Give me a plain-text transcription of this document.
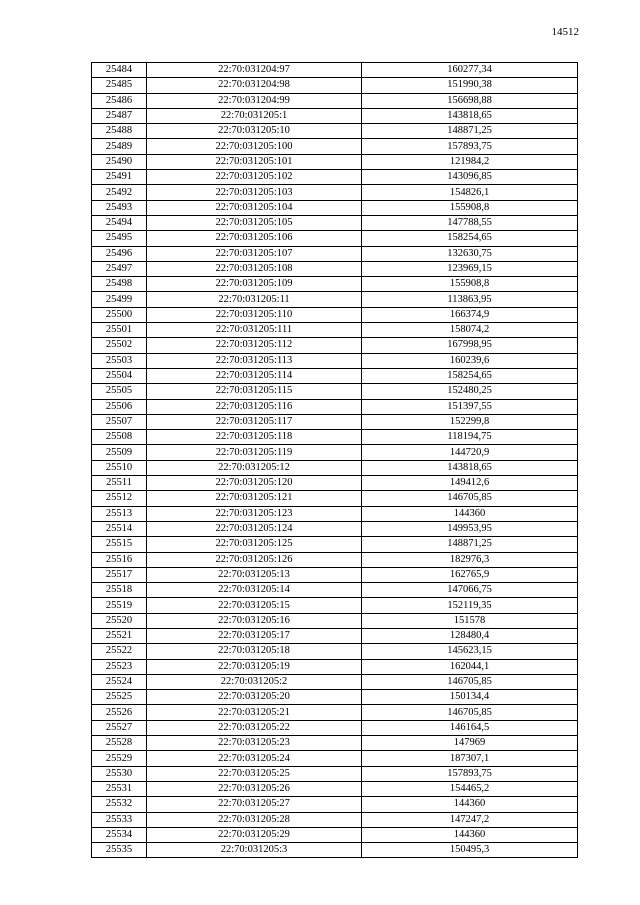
14512
25484	22:70:031204:97	160277,34
25485	22:70:031204:98	151990,38
25486	22:70:031204:99	156698,88
25487	22:70:031205:1	143818,65
25488	22:70:031205:10	148871,25
25489	22:70:031205:100	157893,75
25490	22:70:031205:101	121984,2
25491	22:70:031205:102	143096,85
25492	22:70:031205:103	154826,1
25493	22:70:031205:104	155908,8
25494	22:70:031205:105	147788,55
25495	22:70:031205:106	158254,65
25496	22:70:031205:107	132630,75
25497	22:70:031205:108	123969,15
25498	22:70:031205:109	155908,8
25499	22:70:031205:11	113863,95
25500	22:70:031205:110	166374,9
25501	22:70:031205:111	158074,2
25502	22:70:031205:112	167998,95
25503	22:70:031205:113	160239,6
25504	22:70:031205:114	158254,65
25505	22:70:031205:115	152480,25
25506	22:70:031205:116	151397,55
25507	22:70:031205:117	152299,8
25508	22:70:031205:118	118194,75
25509	22:70:031205:119	144720,9
25510	22:70:031205:12	143818,65
25511	22:70:031205:120	149412,6
25512	22:70:031205:121	146705,85
25513	22:70:031205:123	144360
25514	22:70:031205:124	149953,95
25515	22:70:031205:125	148871,25
25516	22:70:031205:126	182976,3
25517	22:70:031205:13	162765,9
25518	22:70:031205:14	147066,75
25519	22:70:031205:15	152119,35
25520	22:70:031205:16	151578
25521	22:70:031205:17	128480,4
25522	22:70:031205:18	145623,15
25523	22:70:031205:19	162044,1
25524	22:70:031205:2	146705,85
25525	22:70:031205:20	150134,4
25526	22:70:031205:21	146705,85
25527	22:70:031205:22	146164,5
25528	22:70:031205:23	147969
25529	22:70:031205:24	187307,1
25530	22:70:031205:25	157893,75
25531	22:70:031205:26	154465,2
25532	22:70:031205:27	144360
25533	22:70:031205:28	147247,2
25534	22:70:031205:29	144360
25535	22:70:031205:3	150495,3
